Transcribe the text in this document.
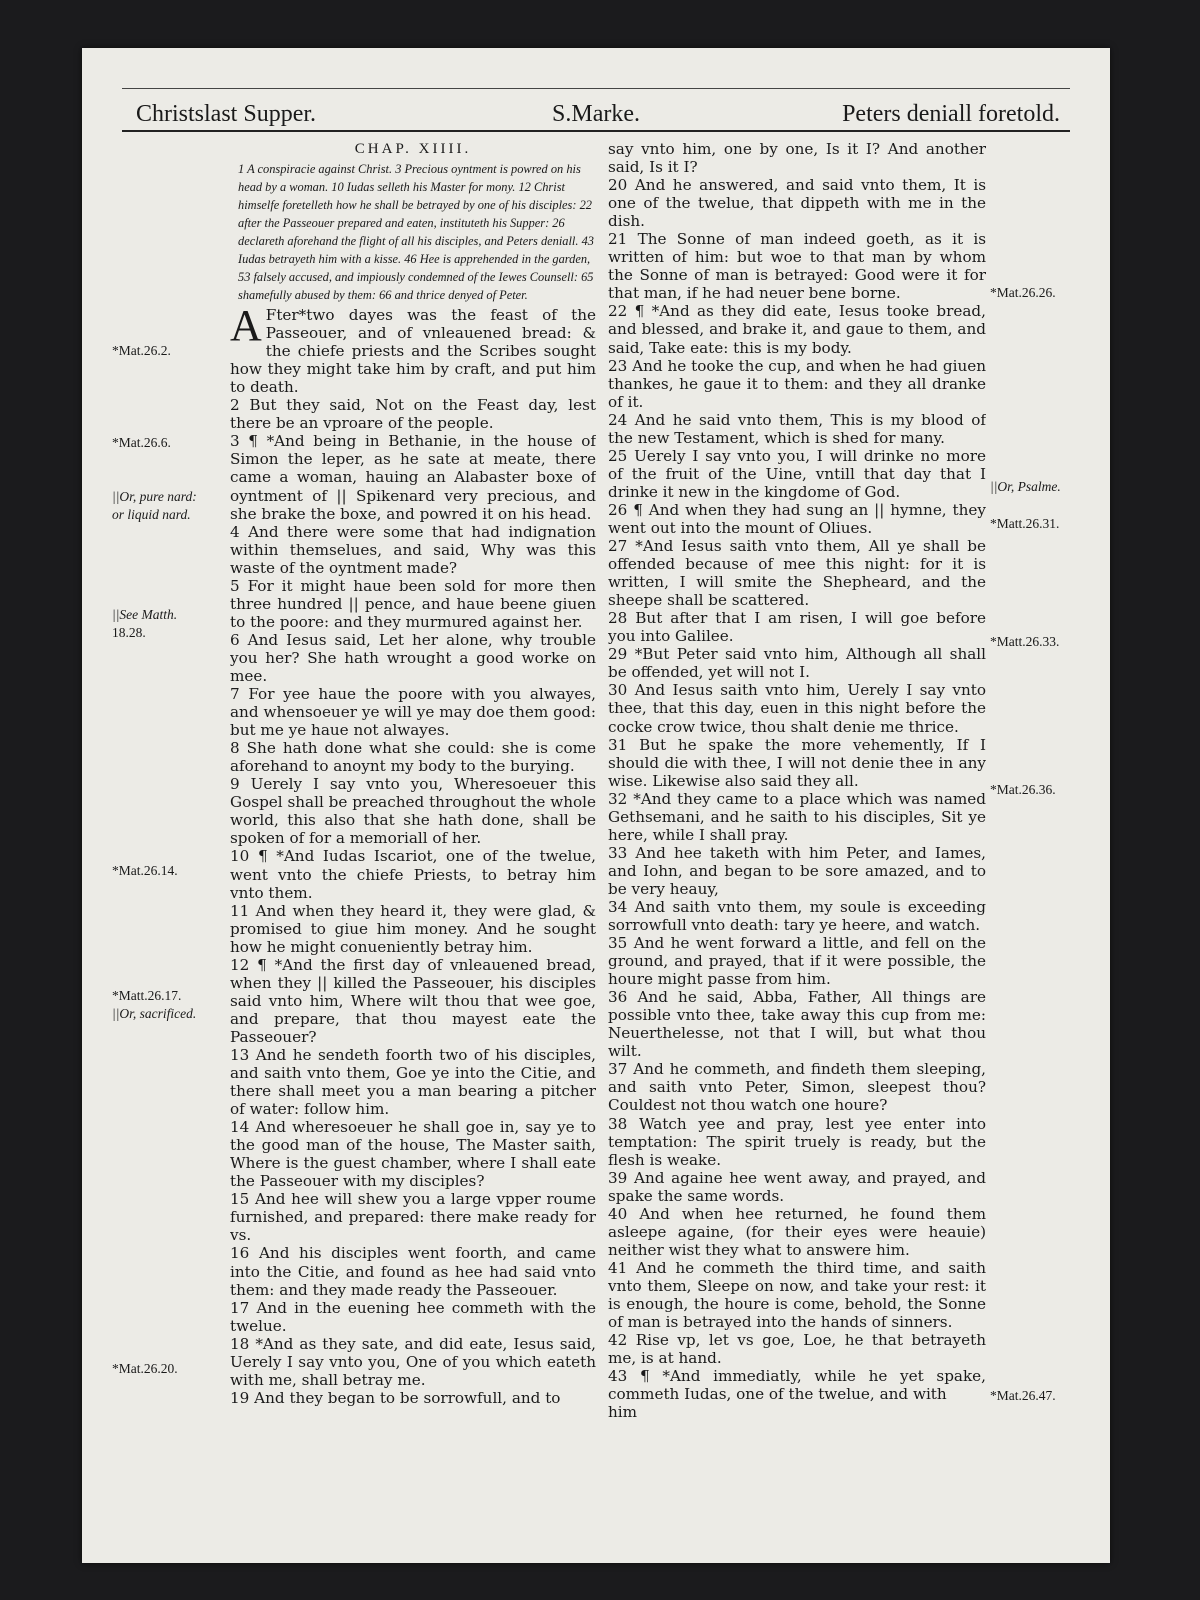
Christslast Supper.	S.Marke.	Peters deniall foretold.
*Mat.26.2.
*Mat.26.6.
||Or, pure nard:
or liquid nard.
||See Matth.
18.28.
*Mat.26.14.
*Matt.26.17.
||Or, sacrificed.
*Mat.26.20.

CHAP. XIIII.

1 A conspiracie against Christ. 3 Precious oyntment is powred on his head by a woman. 10 Iudas selleth his Master for mony. 12 Christ himselfe foretelleth how he shall be betrayed by one of his disciples: 22 after the Passeouer prepared and eaten, instituteth his Supper: 26 declareth aforehand the flight of all his disciples, and Peters deniall. 43 Iudas betrayeth him with a kisse. 46 Hee is apprehended in the garden, 53 falsely accused, and impiously condemned of the Iewes Counsell: 65 shamefully abused by them: 66 and thrice denyed of Peter.

A Fter*two dayes was the feast of the Passeouer, and of vnleauened bread: & the chiefe priests and the Scribes sought how they might take him by craft, and put him to death.

2 But they said, Not on the Feast day, lest there be an vproare of the people.

3 ¶ *And being in Bethanie, in the house of Simon the leper, as he sate at meate, there came a woman, hauing an Alabaster boxe of oyntment of || Spikenard very precious, and she brake the boxe, and powred it on his head.

4 And there were some that had indignation within themselues, and said, Why was this waste of the oyntment made?

5 For it might haue been sold for more then three hundred || pence, and haue beene giuen to the poore: and they murmured against her.

6 And Iesus said, Let her alone, why trouble you her? She hath wrought a good worke on mee.

7 For yee haue the poore with you alwayes, and whensoeuer ye will ye may doe them good: but me ye haue not alwayes.

8 She hath done what she could: she is come aforehand to anoynt my body to the burying.

9 Uerely I say vnto you, Wheresoeuer this Gospel shall be preached throughout the whole world, this also that she hath done, shall be spoken of for a memoriall of her.

10 ¶ *And Iudas Iscariot, one of the twelue, went vnto the chiefe Priests, to betray him vnto them.

11 And when they heard it, they were glad, & promised to giue him money. And he sought how he might conueniently betray him.

12 ¶ *And the first day of vnleauened bread, when they || killed the Passeouer, his disciples said vnto him, Where wilt thou that wee goe, and prepare, that thou mayest eate the Passeouer?

13 And he sendeth foorth two of his disciples, and saith vnto them, Goe ye into the Citie, and there shall meet you a man bearing a pitcher of water: follow him.

14 And wheresoeuer he shall goe in, say ye to the good man of the house, The Master saith, Where is the guest chamber, where I shall eate the Passeouer with my disciples?

15 And hee will shew you a large vpper roume furnished, and prepared: there make ready for vs.

16 And his disciples went foorth, and came into the Citie, and found as hee had said vnto them: and they made ready the Passeouer.

17 And in the euening hee commeth with the twelue.

18 *And as they sate, and did eate, Iesus said, Uerely I say vnto you, One of you which eateth with me, shall betray me.

19 And they began to be sorrowfull, and to

say vnto him, one by one, Is it I? And another said, Is it I?

20 And he answered, and said vnto them, It is one of the twelue, that dippeth with me in the dish.

21 The Sonne of man indeed goeth, as it is written of him: but woe to that man by whom the Sonne of man is betrayed: Good were it for that man, if he had neuer bene borne.

22 ¶ *And as they did eate, Iesus tooke bread, and blessed, and brake it, and gaue to them, and said, Take eate: this is my body.

23 And he tooke the cup, and when he had giuen thankes, he gaue it to them: and they all dranke of it.

24 And he said vnto them, This is my blood of the new Testament, which is shed for many.

25 Uerely I say vnto you, I will drinke no more of the fruit of the Uine, vntill that day that I drinke it new in the kingdome of God.

26 ¶ And when they had sung an || hymne, they went out into the mount of Oliues.

27 *And Iesus saith vnto them, All ye shall be offended because of mee this night: for it is written, I will smite the Shepheard, and the sheepe shall be scattered.

28 But after that I am risen, I will goe before you into Galilee.

29 *But Peter said vnto him, Although all shall be offended, yet will not I.

30 And Iesus saith vnto him, Uerely I say vnto thee, that this day, euen in this night before the cocke crow twice, thou shalt denie me thrice.

31 But he spake the more vehemently, If I should die with thee, I will not denie thee in any wise. Likewise also said they all.

32 *And they came to a place which was named Gethsemani, and he saith to his disciples, Sit ye here, while I shall pray.

33 And hee taketh with him Peter, and Iames, and Iohn, and began to be sore amazed, and to be very heauy,

34 And saith vnto them, my soule is exceeding sorrowfull vnto death: tary ye heere, and watch.

35 And he went forward a little, and fell on the ground, and prayed, that if it were possible, the houre might passe from him.

36 And he said, Abba, Father, All things are possible vnto thee, take away this cup from me: Neuerthelesse, not that I will, but what thou wilt.

37 And he commeth, and findeth them sleeping, and saith vnto Peter, Simon, sleepest thou? Couldest not thou watch one houre?

38 Watch yee and pray, lest yee enter into temptation: The spirit truely is ready, but the flesh is weake.

39 And againe hee went away, and prayed, and spake the same words.

40 And when hee returned, he found them asleepe againe, (for their eyes were heauie) neither wist they what to answere him.

41 And he commeth the third time, and saith vnto them, Sleepe on now, and take your rest: it is enough, the houre is come, behold, the Sonne of man is betrayed into the hands of sinners.

42 Rise vp, let vs goe, Loe, he that betrayeth me, is at hand.

43 ¶ *And immediatly, while he yet spake, commeth Iudas, one of the twelue, and with

him

*Mat.26.26.
||Or, Psalme.
*Matt.26.31.
*Matt.26.33.
*Mat.26.36.
*Mat.26.47.
